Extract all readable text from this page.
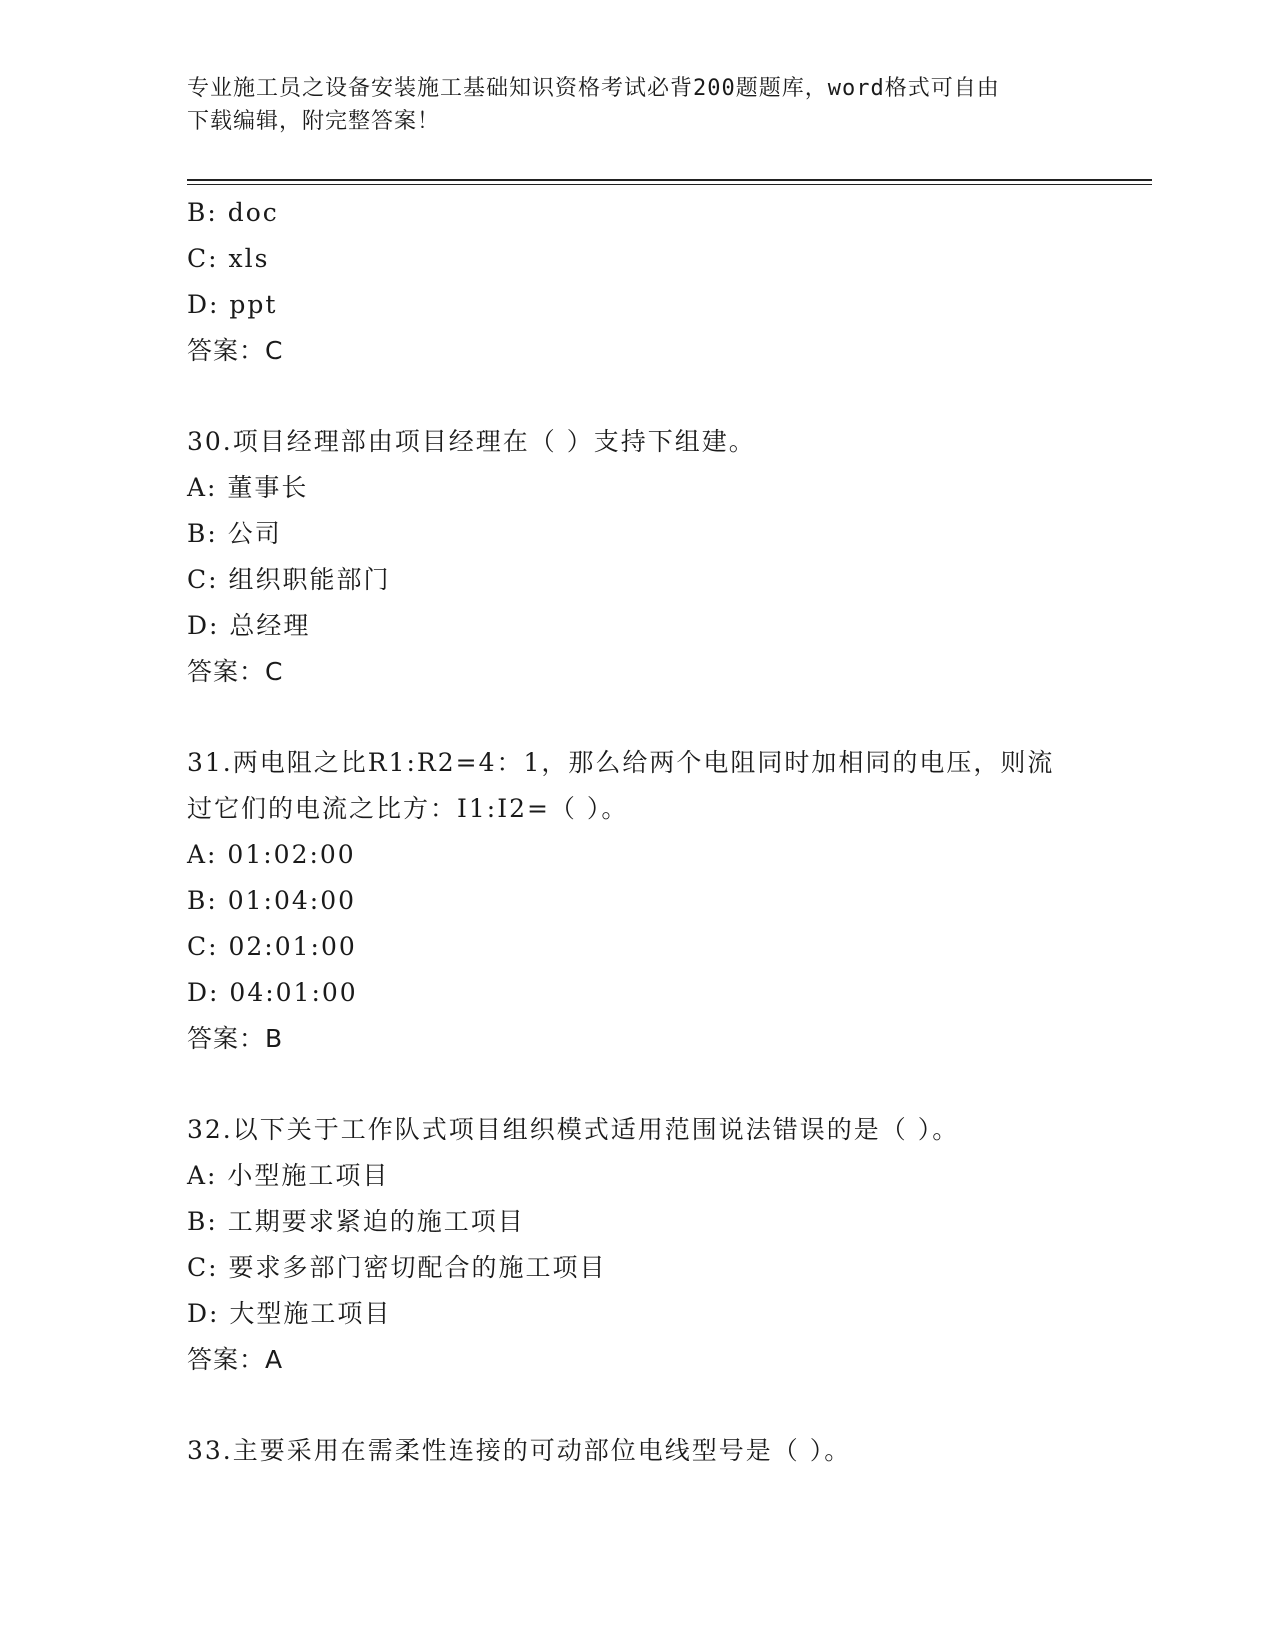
专业施工员之设备安装施工基础知识资格考试必背200题题库，word格式可自由
下载编辑，附完整答案！
B: doc
C: xls
D: ppt
答案：C
30.项目经理部由项目经理在（ ）支持下组建。
A: 董事长
B: 公司
C: 组织职能部门
D: 总经理
答案：C
31.两电阻之比R1:R2=4：1，那么给两个电阻同时加相同的电压，则流
过它们的电流之比方：I1:I2=（ ）。
A: 01:02:00
B: 01:04:00
C: 02:01:00
D: 04:01:00
答案：B
32.以下关于工作队式项目组织模式适用范围说法错误的是（ ）。
A: 小型施工项目
B: 工期要求紧迫的施工项目
C: 要求多部门密切配合的施工项目
D: 大型施工项目
答案：A
33.主要采用在需柔性连接的可动部位电线型号是（ ）。
